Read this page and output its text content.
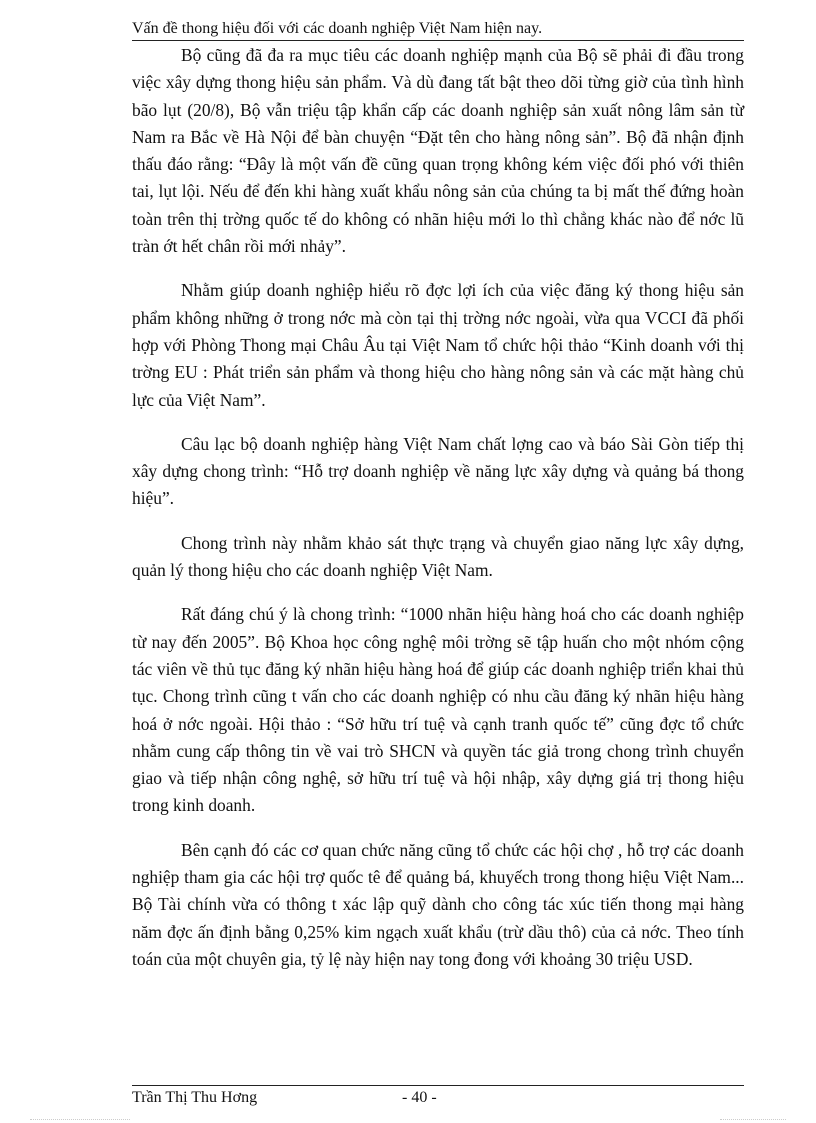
Vấn đề thong hiệu đối với các doanh nghiệp Việt Nam hiện nay.

Bộ cũng đã đa ra mục tiêu các doanh nghiệp mạnh của Bộ sẽ phải đi đầu trong việc xây dựng thong hiệu sản phẩm. Và dù đang tất bật theo dõi từng giờ của tình hình bão lụt (20/8), Bộ vẫn triệu tập khẩn cấp các doanh nghiệp sản xuất nông lâm sản từ Nam ra Bắc về Hà Nội để bàn chuyện “Đặt tên cho hàng nông sản”. Bộ đã nhận định thấu đáo rằng: “Đây là một vấn đề cũng quan trọng không kém việc đối phó với thiên tai, lụt lội. Nếu để đến khi hàng xuất khẩu nông sản của chúng ta bị mất thế đứng hoàn toàn trên thị trờng quốc tế do không có nhãn hiệu mới lo thì chẳng khác nào để nớc lũ tràn ớt hết chân rồi mới nhảy”.

Nhằm giúp doanh nghiệp hiểu rõ đợc lợi ích của việc đăng ký thong hiệu sản phẩm không những ở trong nớc mà còn tại thị trờng nớc ngoài, vừa qua VCCI đã phối hợp với Phòng Thong mại Châu Âu tại Việt Nam tổ chức hội thảo “Kinh doanh với thị trờng EU : Phát triển sản phẩm và thong hiệu cho hàng nông sản và các mặt hàng chủ lực của Việt Nam”.

Câu lạc bộ doanh nghiệp hàng Việt Nam chất lợng cao và báo Sài Gòn tiếp thị xây dựng chong trình: “Hỗ trợ doanh nghiệp về năng lực xây dựng và quảng bá thong hiệu”.

Chong trình này nhằm khảo sát thực trạng và chuyển giao năng lực xây dựng, quản lý thong hiệu cho các doanh nghiệp Việt Nam.

Rất đáng chú ý là chong trình: “1000 nhãn hiệu hàng hoá cho các doanh nghiệp từ nay đến 2005”. Bộ Khoa học công nghệ môi trờng sẽ tập huấn cho một nhóm cộng tác viên về thủ tục đăng ký nhãn hiệu hàng hoá để giúp các doanh nghiệp triển khai thủ tục. Chong trình cũng t vấn cho các doanh nghiệp có nhu cầu đăng ký nhãn hiệu hàng hoá ở nớc ngoài. Hội thảo : “Sở hữu trí tuệ và cạnh tranh quốc tế” cũng đợc tổ chức nhằm cung cấp thông tin về vai trò SHCN và quyền tác giả trong chong trình chuyển giao và tiếp nhận công nghệ, sở hữu trí tuệ và hội nhập, xây dựng giá trị thong hiệu trong kinh doanh.

Bên cạnh đó các cơ quan chức năng cũng tổ chức các hội chợ , hỗ trợ các doanh nghiệp tham gia các hội trợ quốc tê để quảng bá, khuyếch trong thong hiệu Việt Nam... Bộ Tài chính vừa có thông t xác lập quỹ dành cho công tác xúc tiến thong mại hàng năm đợc ấn định bằng 0,25% kim ngạch xuất khẩu (trừ dầu thô) của cả nớc. Theo tính toán của một chuyên gia, tỷ lệ này hiện nay tong đong với khoảng 30 triệu USD.

Trần Thị Thu Hơng	- 40 -
